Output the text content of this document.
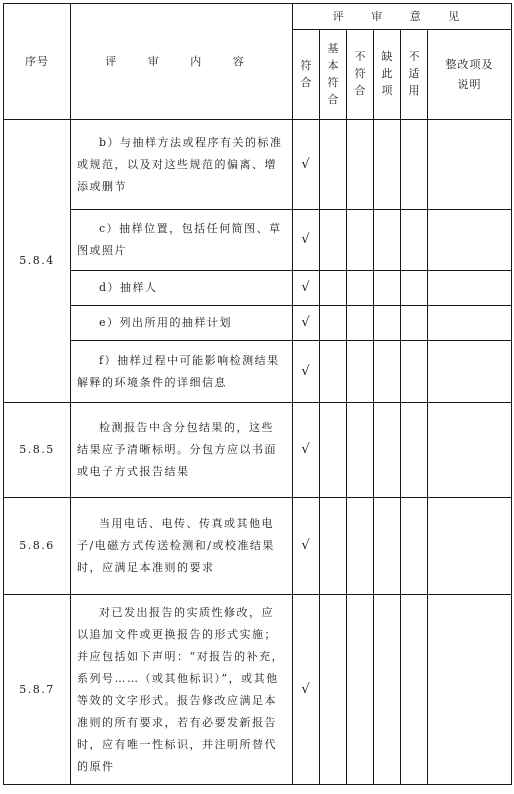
序号	评 审 内 容	评 审 意 见					
		符合	基本符合	不符合	缺此项	不适用	整改项及说明
5.8.4	b）与抽样方法或程序有关的标准或规范，以及对这些规范的偏离、增添或删节	√					
	c）抽样位置，包括任何简图、草图或照片	√					
	d）抽样人	√					
	e）列出所用的抽样计划	√					
	f）抽样过程中可能影响检测结果解释的环境条件的详细信息	√					
5.8.5	检测报告中含分包结果的，这些结果应予清晰标明。分包方应以书面或电子方式报告结果	√					
5.8.6	当用电话、电传、传真或其他电子/电磁方式传送检测和/或校准结果时，应满足本准则的要求	√					
5.8.7	对已发出报告的实质性修改，应以追加文件或更换报告的形式实施；并应包括如下声明：“对报告的补充，系列号……（或其他标识）”，或其他等效的文字形式。报告修改应满足本准则的所有要求，若有必要发新报告时，应有唯一性标识，并注明所替代的原件	√					
